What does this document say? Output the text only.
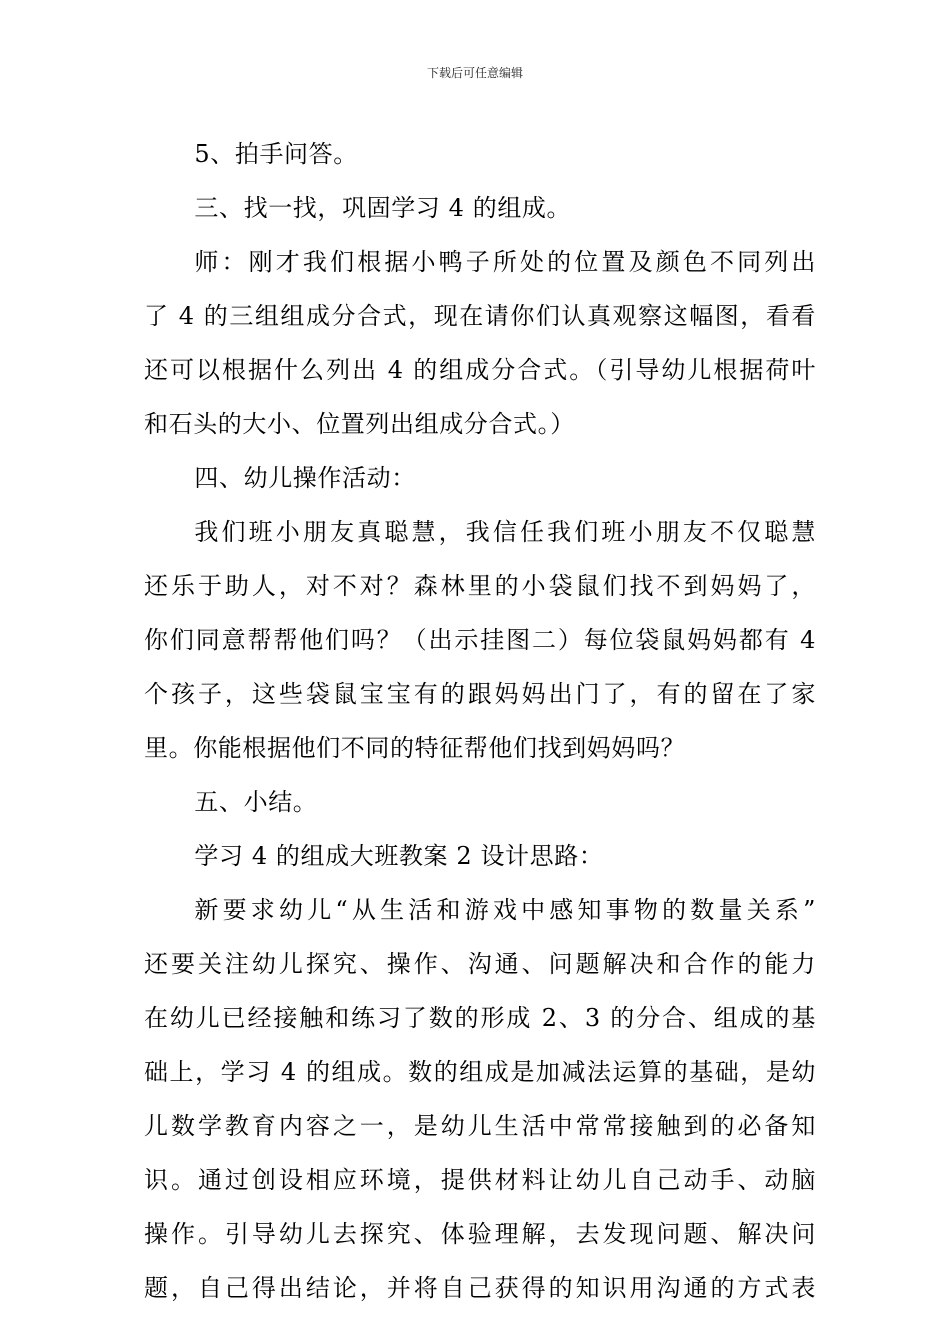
下载后可任意编辑

5、拍手问答。

三、找一找，巩固学习 4 的组成。

师：刚才我们根据小鸭子所处的位置及颜色不同列出
了 4 的三组组成分合式，现在请你们认真观察这幅图，看看
还可以根据什么列出 4 的组成分合式。（引导幼儿根据荷叶
和石头的大小、位置列出组成分合式。）

四、幼儿操作活动：

我们班小朋友真聪慧，我信任我们班小朋友不仅聪慧
还乐于助人，对不对？森林里的小袋鼠们找不到妈妈了，
你们同意帮帮他们吗？（出示挂图二）每位袋鼠妈妈都有 4
个孩子，这些袋鼠宝宝有的跟妈妈出门了，有的留在了家
里。你能根据他们不同的特征帮他们找到妈妈吗？

五、小结。

学习 4 的组成大班教案 2 设计思路：

新要求幼儿“从生活和游戏中感知事物的数量关系”
还要关注幼儿探究、操作、沟通、问题解决和合作的能力
在幼儿已经接触和练习了数的形成 2、3 的分合、组成的基
础上，学习 4 的组成。数的组成是加减法运算的基础，是幼
儿数学教育内容之一，是幼儿生活中常常接触到的必备知
识。通过创设相应环境，提供材料让幼儿自己动手、动脑
操作。引导幼儿去探究、体验理解，去发现问题、解决问
题，自己得出结论，并将自己获得的知识用沟通的方式表
